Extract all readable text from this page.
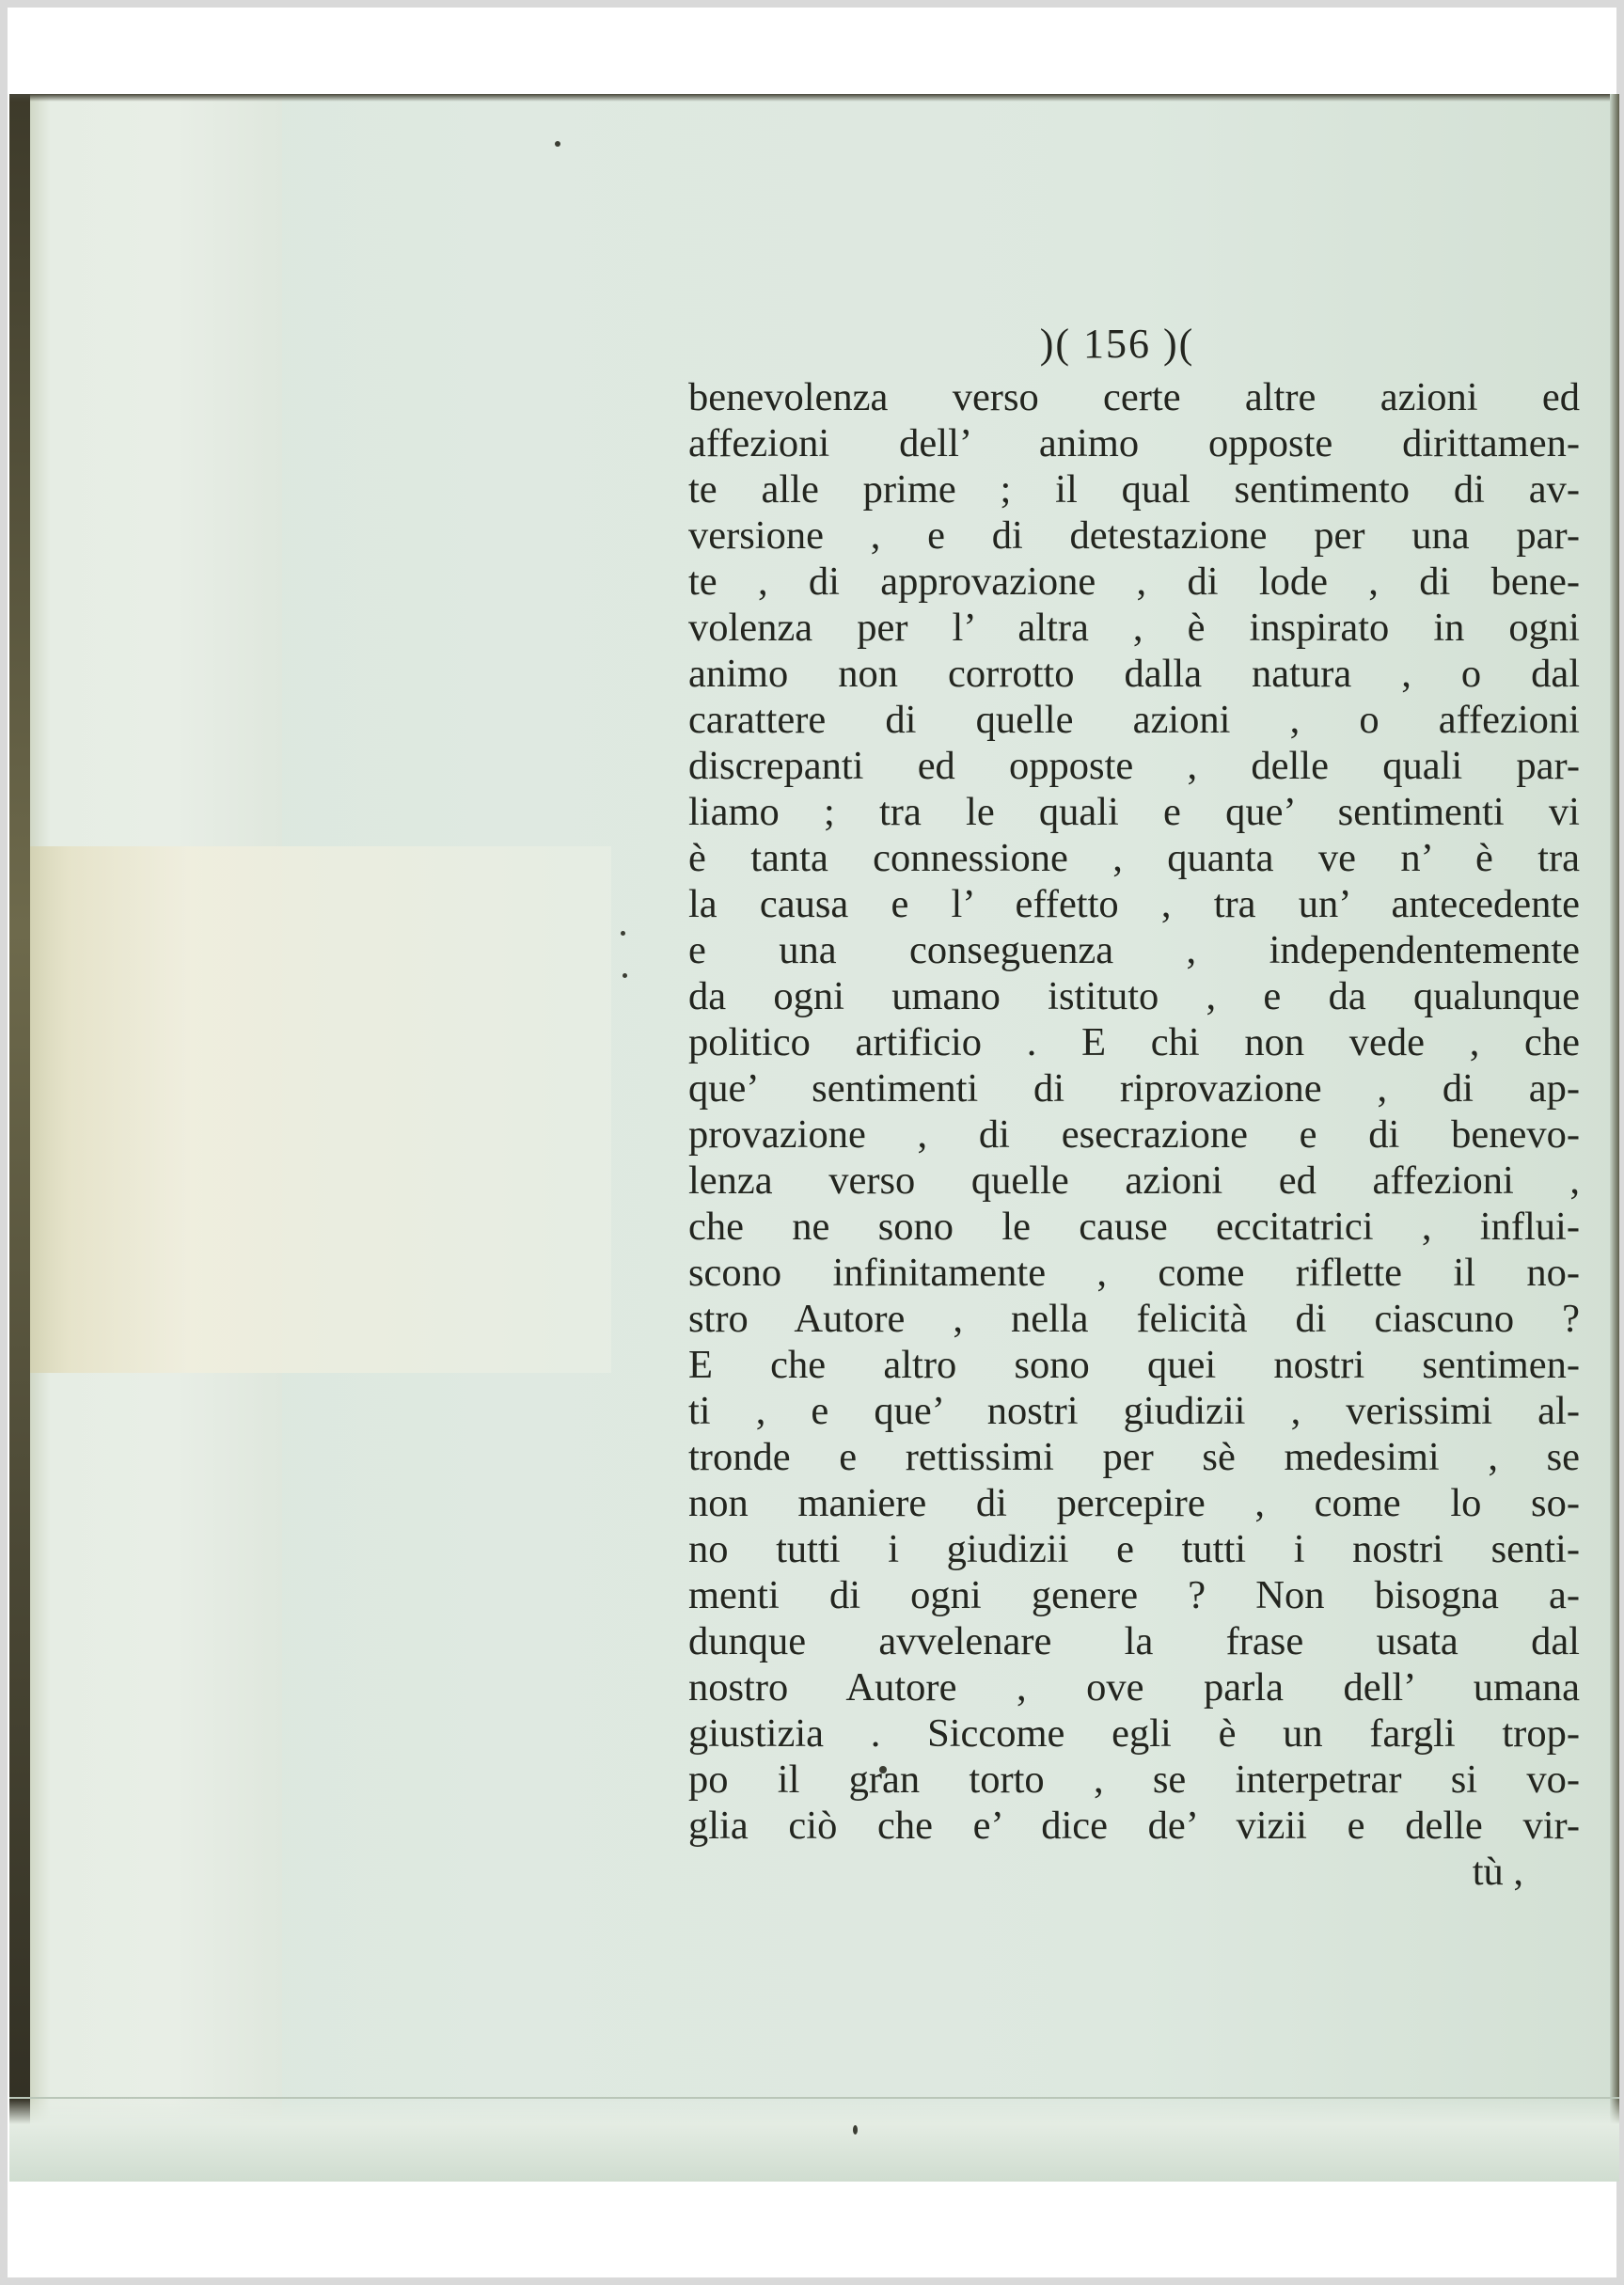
)( 156 )(
benevolenza verso certe altre azioni ed
affezioni dell’ animo opposte dirittamen-
te alle prime ; il qual sentimento di av-
versione , e di detestazione per una par-
te , di approvazione , di lode , di bene-
volenza per l’ altra , è inspirato in ogni
animo non corrotto dalla natura , o dal
carattere di quelle azioni , o affezioni
discrepanti ed opposte , delle quali par-
liamo ; tra le quali e que’ sentimenti vi
è tanta connessione , quanta ve n’ è tra
la causa e l’ effetto , tra un’ antecedente
e una conseguenza , independentemente
da ogni umano istituto , e da qualunque
politico artificio . E chi non vede , che
que’ sentimenti di riprovazione , di ap-
provazione , di esecrazione e di benevo-
lenza verso quelle azioni ed affezioni ,
che ne sono le cause eccitatrici , influi-
scono infinitamente , come riflette il no-
stro Autore , nella felicità di ciascuno ?
E che altro sono quei nostri sentimen-
ti , e que’ nostri giudizii , verissimi al-
tronde e rettissimi per sè medesimi , se
non maniere di percepire , come lo so-
no tutti i giudizii e tutti i nostri senti-
menti di ogni genere ? Non bisogna a-
dunque avvelenare la frase usata dal
nostro Autore , ove parla dell’ umana
giustizia . Siccome egli è un fargli trop-
po il gran torto , se interpetrar si vo-
glia ciò che e’ dice de’ vizii e delle vir-
tù ,
